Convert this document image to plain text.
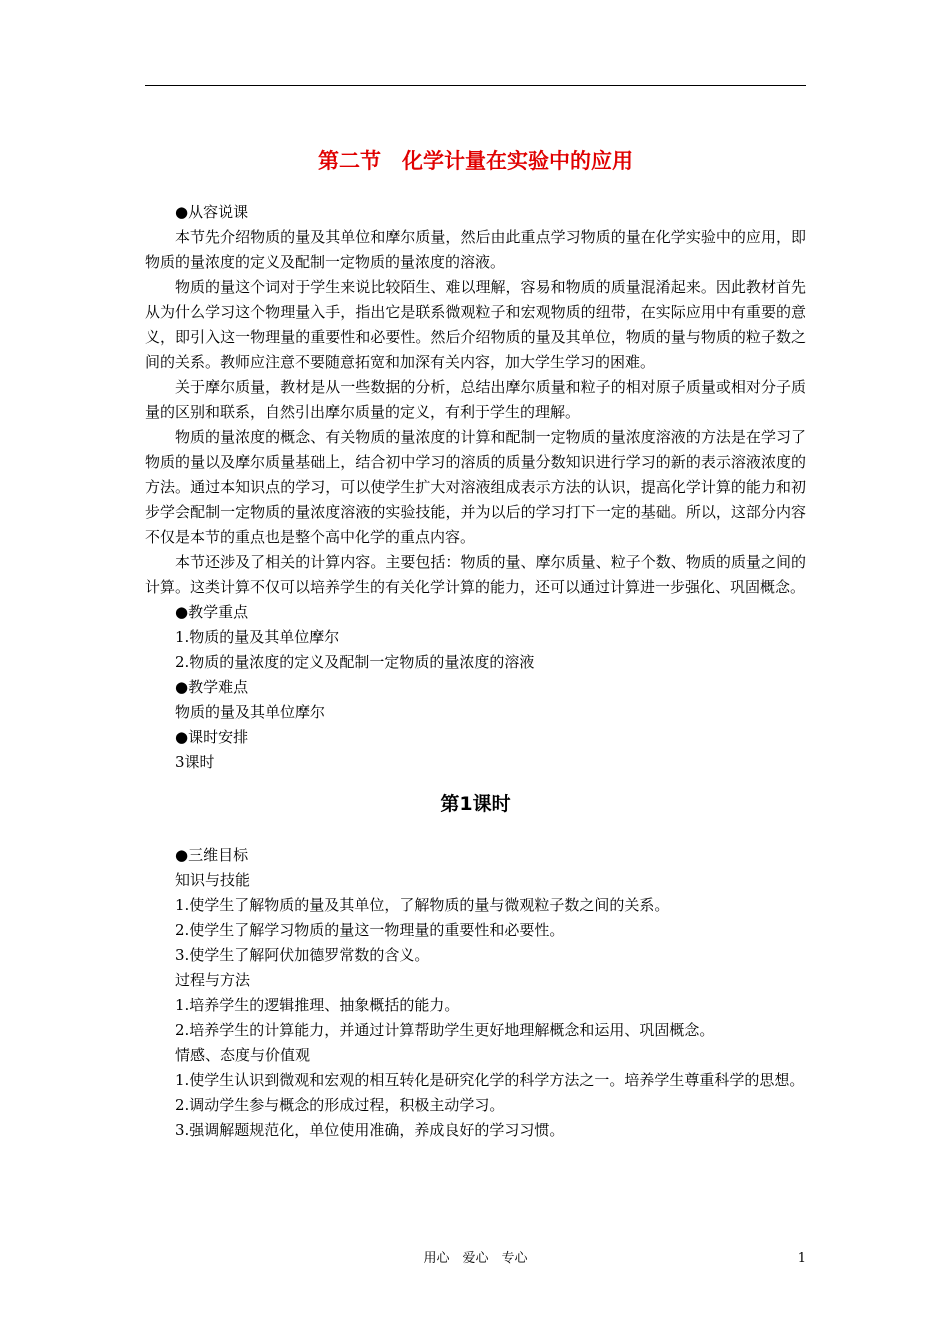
第二节　化学计量在实验中的应用

●从容说课

本节先介绍物质的量及其单位和摩尔质量，然后由此重点学习物质的量在化学实验中的应用，即物质的量浓度的定义及配制一定物质的量浓度的溶液。

物质的量这个词对于学生来说比较陌生、难以理解，容易和物质的质量混淆起来。因此教材首先从为什么学习这个物理量入手，指出它是联系微观粒子和宏观物质的纽带，在实际应用中有重要的意义，即引入这一物理量的重要性和必要性。然后介绍物质的量及其单位，物质的量与物质的粒子数之间的关系。教师应注意不要随意拓宽和加深有关内容，加大学生学习的困难。

关于摩尔质量，教材是从一些数据的分析，总结出摩尔质量和粒子的相对原子质量或相对分子质量的区别和联系，自然引出摩尔质量的定义，有利于学生的理解。

物质的量浓度的概念、有关物质的量浓度的计算和配制一定物质的量浓度溶液的方法是在学习了物质的量以及摩尔质量基础上，结合初中学习的溶质的质量分数知识进行学习的新的表示溶液浓度的方法。通过本知识点的学习，可以使学生扩大对溶液组成表示方法的认识，提高化学计算的能力和初步学会配制一定物质的量浓度溶液的实验技能，并为以后的学习打下一定的基础。所以，这部分内容不仅是本节的重点也是整个高中化学的重点内容。

本节还涉及了相关的计算内容。主要包括：物质的量、摩尔质量、粒子个数、物质的质量之间的计算。这类计算不仅可以培养学生的有关化学计算的能力，还可以通过计算进一步强化、巩固概念。

●教学重点

1.物质的量及其单位摩尔

2.物质的量浓度的定义及配制一定物质的量浓度的溶液

●教学难点

物质的量及其单位摩尔

●课时安排

3课时

第1课时

●三维目标

知识与技能

1.使学生了解物质的量及其单位，了解物质的量与微观粒子数之间的关系。

2.使学生了解学习物质的量这一物理量的重要性和必要性。

3.使学生了解阿伏加德罗常数的含义。

过程与方法

1.培养学生的逻辑推理、抽象概括的能力。

2.培养学生的计算能力，并通过计算帮助学生更好地理解概念和运用、巩固概念。

情感、态度与价值观

1.使学生认识到微观和宏观的相互转化是研究化学的科学方法之一。培养学生尊重科学的思想。

2.调动学生参与概念的形成过程，积极主动学习。

3.强调解题规范化，单位使用准确，养成良好的学习习惯。

用心　爱心　专心	1
